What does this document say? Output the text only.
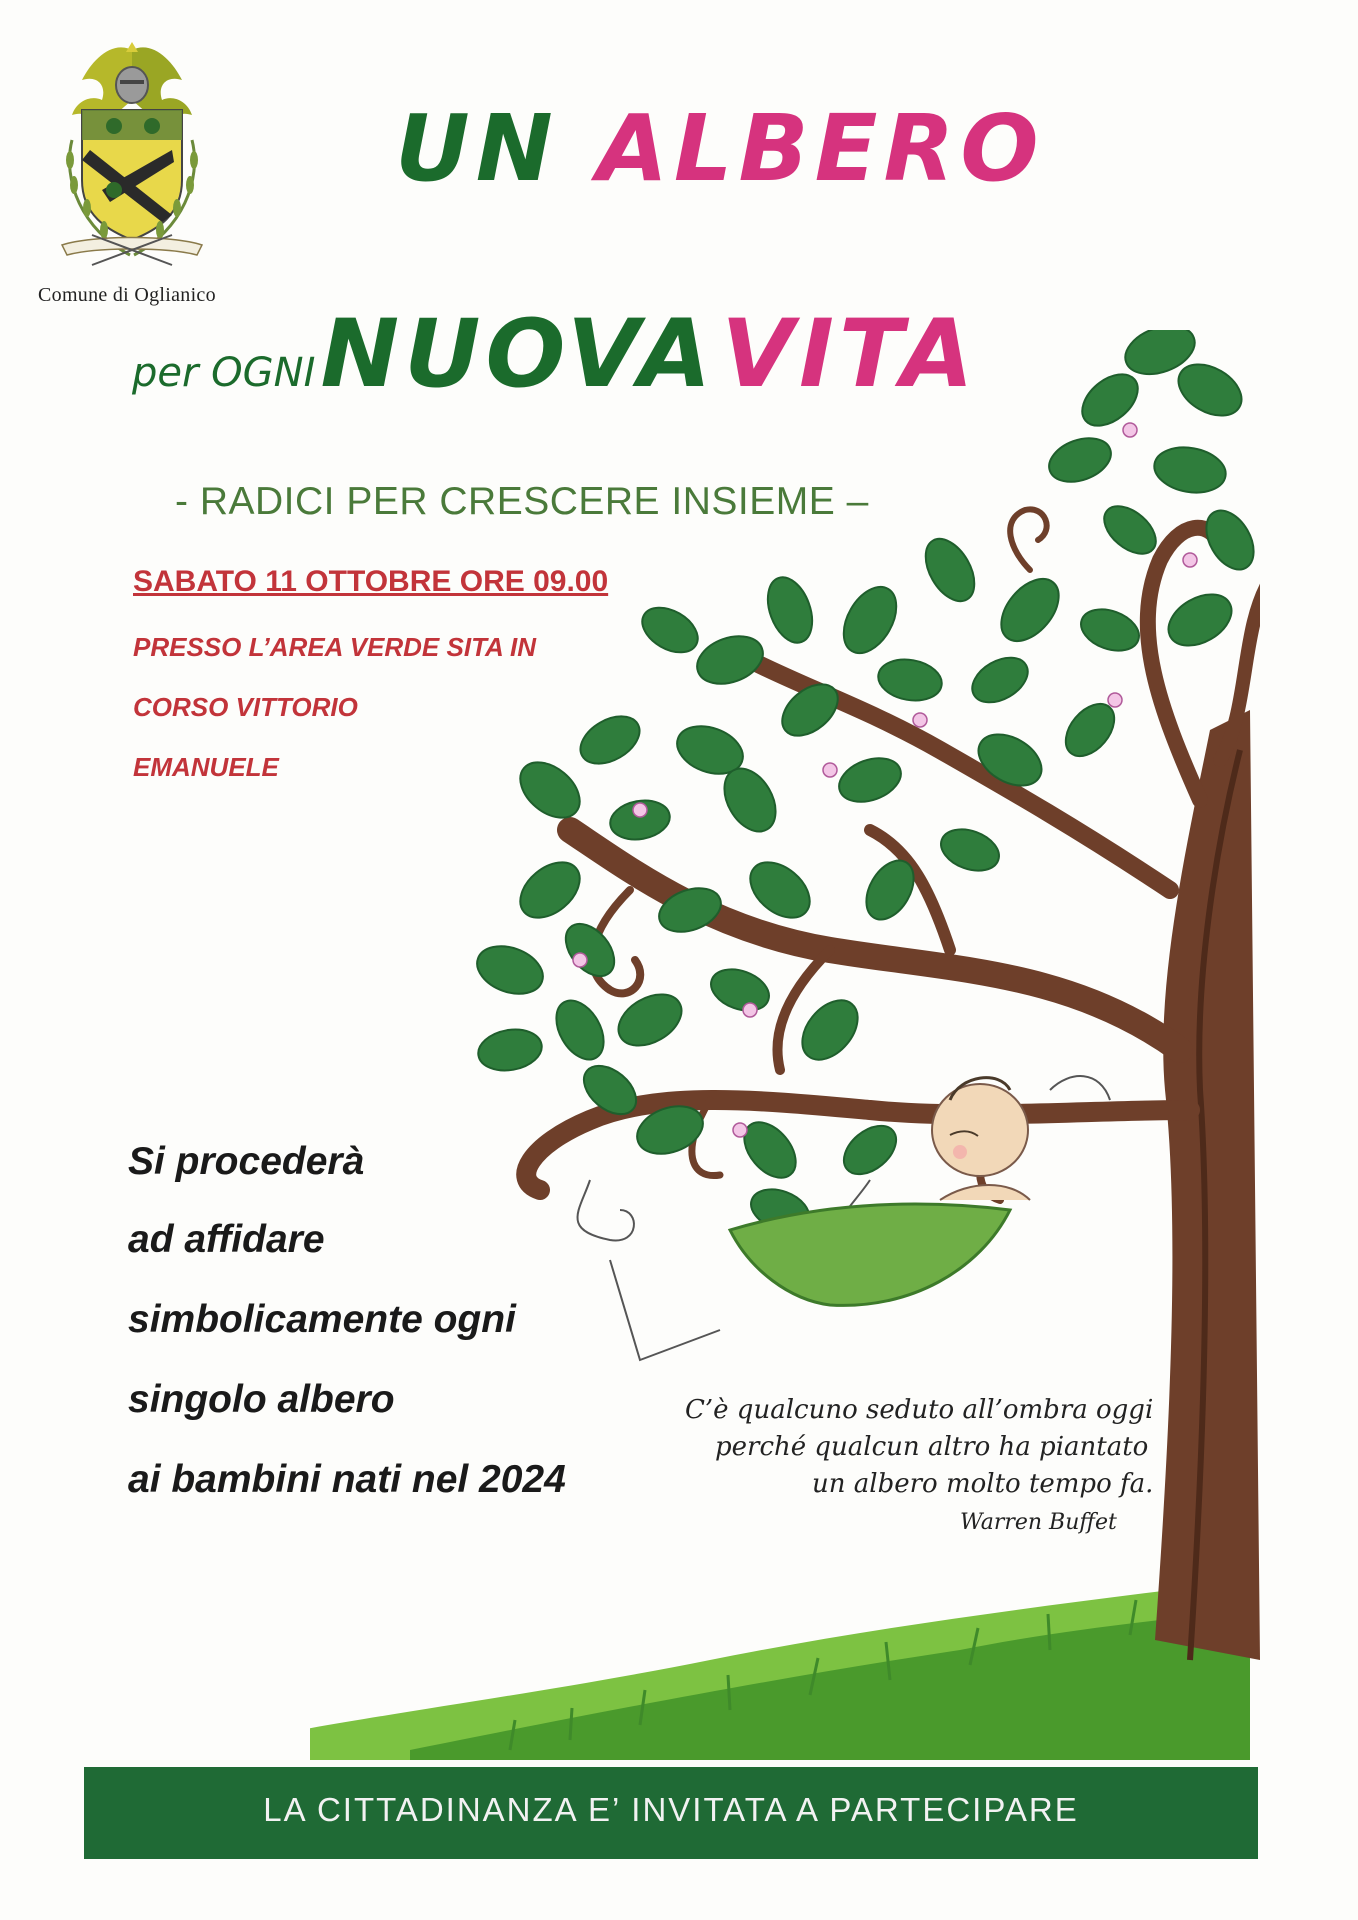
Comune di Oglianico
UN ALBERO
per OGNI NUOVA VITA
- RADICI PER CRESCERE INSIEME –
SABATO 11 OTTOBRE ORE 09.00
PRESSO L’AREA VERDE SITA IN
CORSO VITTORIO
EMANUELE
Si procederà
ad affidare
simbolicamente ogni
singolo albero
ai bambini nati nel 2024
C’è qualcuno seduto all’ombra oggi
perché qualcun altro ha piantato
un albero molto tempo fa.
Warren Buffet
LA CITTADINANZA E’ INVITATA A PARTECIPARE
